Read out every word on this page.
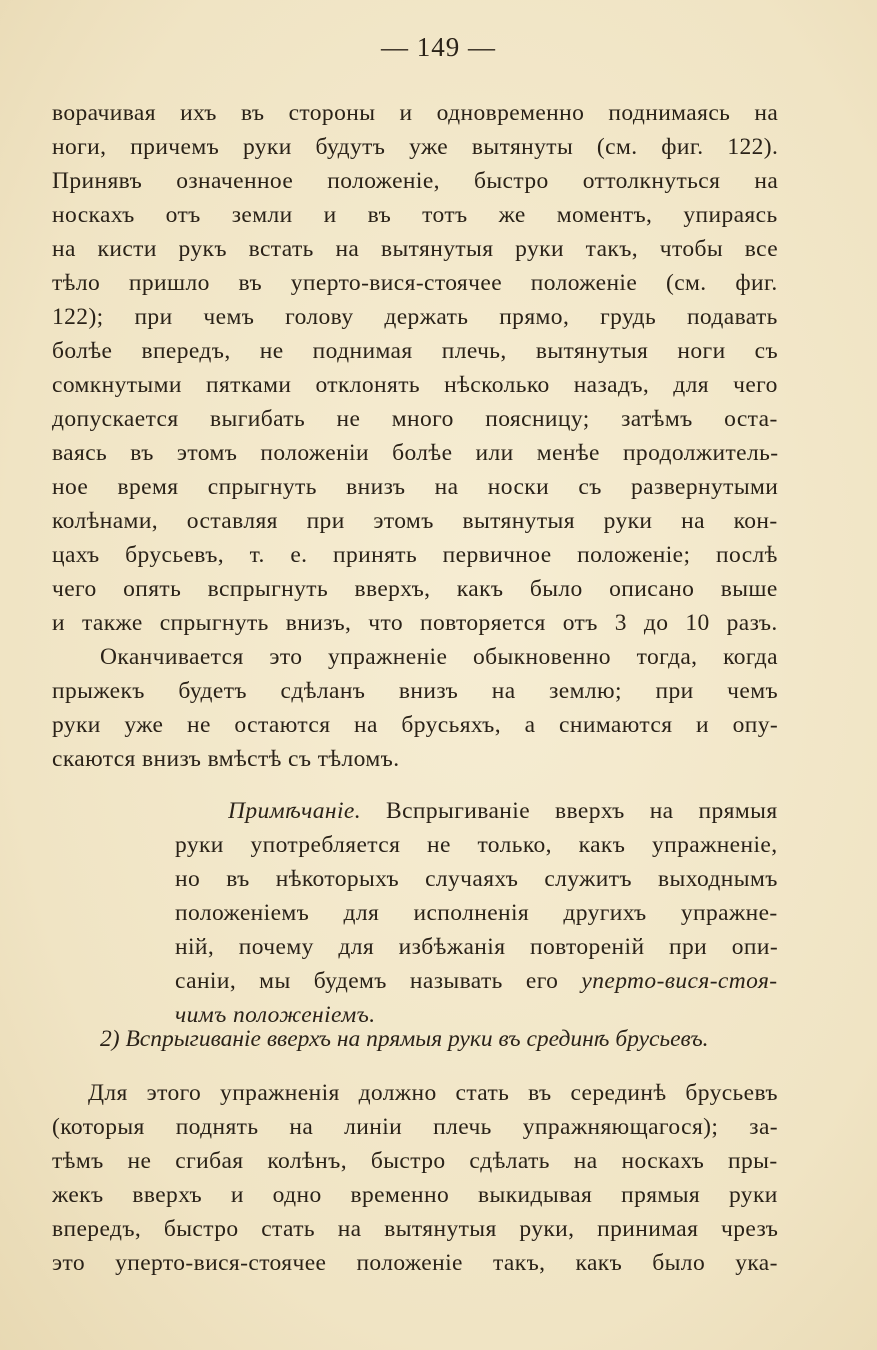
— 149 —
ворачивая ихъ въ стороны и одновременно поднимаясь на
ноги, причемъ руки будутъ уже вытянуты (см. фиг. 122).
Принявъ означенное положенiе, быстро оттолкнуться на
носкахъ отъ земли и въ тотъ же моментъ, упираясь
на кисти рукъ встать на вытянутыя руки такъ, чтобы все
тѣло пришло въ уперто-вися-стоячее положенiе (см. фиг.
122); при чемъ голову держать прямо, грудь подавать
болѣе впередъ, не поднимая плечь, вытянутыя ноги съ
сомкнутыми пятками отклонять нѣсколько назадъ, для чего
допускается выгибать не много поясницу; затѣмъ оста-
ваясь въ этомъ положенiи болѣе или менѣе продолжитель-
ное время спрыгнуть внизъ на носки съ развернутыми
колѣнами, оставляя при этомъ вытянутыя руки на кон-
цахъ брусьевъ, т. е. принять первичное положенiе; послѣ
чего опять вспрыгнуть вверхъ, какъ было описано выше
и также спрыгнуть внизъ, что повторяется отъ 3 до 10 разъ.
Оканчивается это упражненiе обыкновенно тогда, когда
прыжекъ будетъ сдѣланъ внизъ на землю; при чемъ
руки уже не остаются на брусьяхъ, а снимаются и опу-
скаются внизъ вмѣстѣ съ тѣломъ.
Примѣчанiе. Вспрыгиванiе вверхъ на прямыя
руки употребляется не только, какъ упражненiе,
но въ нѣкоторыхъ случаяхъ служитъ выходнымъ
положенiемъ для исполненiя другихъ упражне-
нiй, почему для избѣжанiя повторенiй при опи-
санiи, мы будемъ называть его уперто-вися-стоя-
чимъ положенiемъ.
2) Вспрыгиванiе вверхъ на прямыя руки въ срединѣ брусьевъ.
Для этого упражненiя должно стать въ серединѣ брусьевъ
(которыя поднять на линiи плечь упражняющагося); за-
тѣмъ не сгибая колѣнъ, быстро сдѣлать на носкахъ пры-
жекъ вверхъ и одно временно выкидывая прямыя руки
впередъ, быстро стать на вытянутыя руки, принимая чрезъ
это уперто-вися-стоячее положенiе такъ, какъ было ука-
